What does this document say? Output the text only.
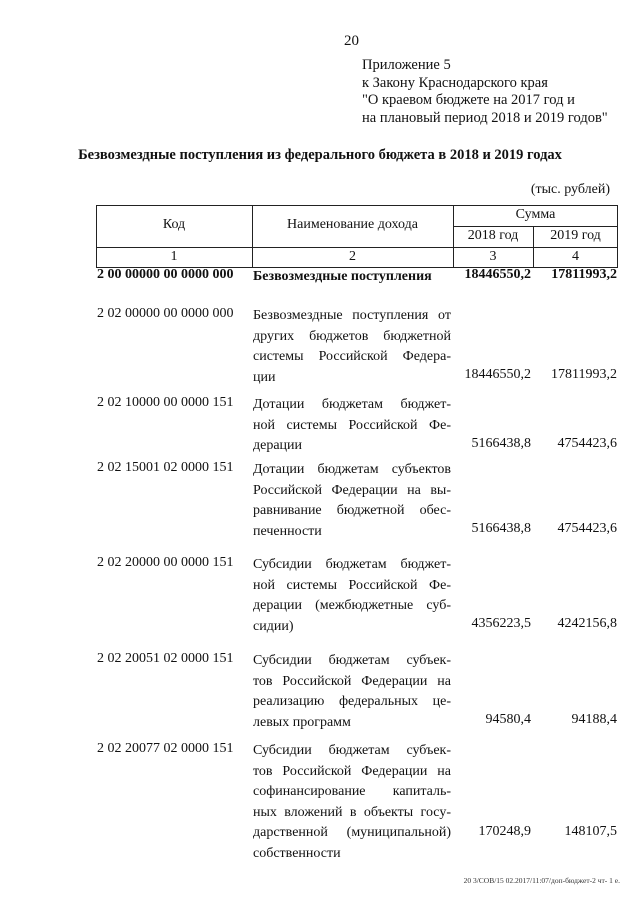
20
Приложение 5
к Закону Краснодарского края
"О краевом бюджете на 2017 год и
на плановый период 2018 и 2019 годов"
Безвозмездные поступления из федерального бюджета в 2018 и 2019 годах
(тыс. рублей)
Код	Наименование дохода
Сумма
2018 год	2019 год
1	2	3	4
2 00 00000 00 0000 000 Безвозмездные поступления	18446550,2 17811993,2
2 02 00000 00 0000 000 Безвозмездные поступления от
других бюджетов бюджетной
системы Российской Федера-
ции	18446550,2 17811993,2
2 02 10000 00 0000 151 Дотации бюджетам бюджет-
ной системы Российской Фе-
дерации	5166438,8 4754423,6
2 02 15001 02 0000 151 Дотации бюджетам субъектов
Российской Федерации на вы-
равнивание бюджетной обес-
печенности	5166438,8 4754423,6
2 02 20000 00 0000 151 Субсидии бюджетам бюджет-
ной системы Российской Фе-
дерации (межбюджетные суб-
сидии)	4356223,5 4242156,8
2 02 20051 02 0000 151 Субсидии бюджетам субъек-
тов Российской Федерации на
реализацию федеральных це-
левых программ	94580,4	94188,4
2 02 20077 02 0000 151 Субсидии бюджетам субъек-
тов Российской Федерации на
софинансирование капиталь-
ных вложений в объекты госу-
дарственной (муниципальной)
собственности
170248,9 148107,5
20 3/СОВ/15 02.2017/11:07/доп-бюджет-2 чт- 1 е.
